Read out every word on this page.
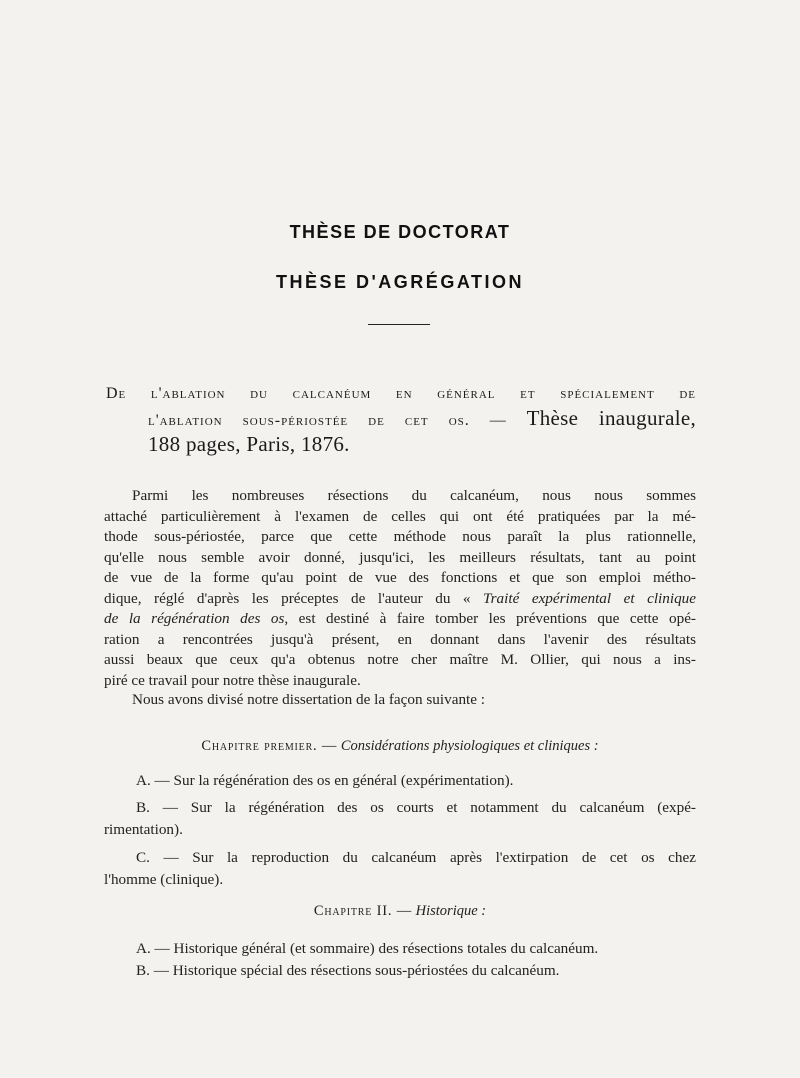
THÈSE DE DOCTORAT
THÈSE D'AGRÉGATION
De l'ablation du calcanéum en général et spécialement de
l'ablation sous-périostée de cet os. — Thèse inaugurale,
188 pages, Paris, 1876.
Parmi les nombreuses résections du calcanéum, nous nous sommes
attaché particulièrement à l'examen de celles qui ont été pratiquées par la mé-
thode sous-périostée, parce que cette méthode nous paraît la plus rationnelle,
qu'elle nous semble avoir donné, jusqu'ici, les meilleurs résultats, tant au point
de vue de la forme qu'au point de vue des fonctions et que son emploi métho-
dique, réglé d'après les préceptes de l'auteur du « Traité expérimental et clinique
de la régénération des os, est destiné à faire tomber les préventions que cette opé-
ration a rencontrées jusqu'à présent, en donnant dans l'avenir des résultats
aussi beaux que ceux qu'a obtenus notre cher maître M. Ollier, qui nous a ins-
piré ce travail pour notre thèse inaugurale.
Nous avons divisé notre dissertation de la façon suivante :
Chapitre premier. — Considérations physiologiques et cliniques :
A. — Sur la régénération des os en général (expérimentation).
B. — Sur la régénération des os courts et notamment du calcanéum (expé-
rimentation).
C. — Sur la reproduction du calcanéum après l'extirpation de cet os chez
l'homme (clinique).
Chapitre II. — Historique :
A. — Historique général (et sommaire) des résections totales du calcanéum.
B. — Historique spécial des résections sous-périostées du calcanéum.
